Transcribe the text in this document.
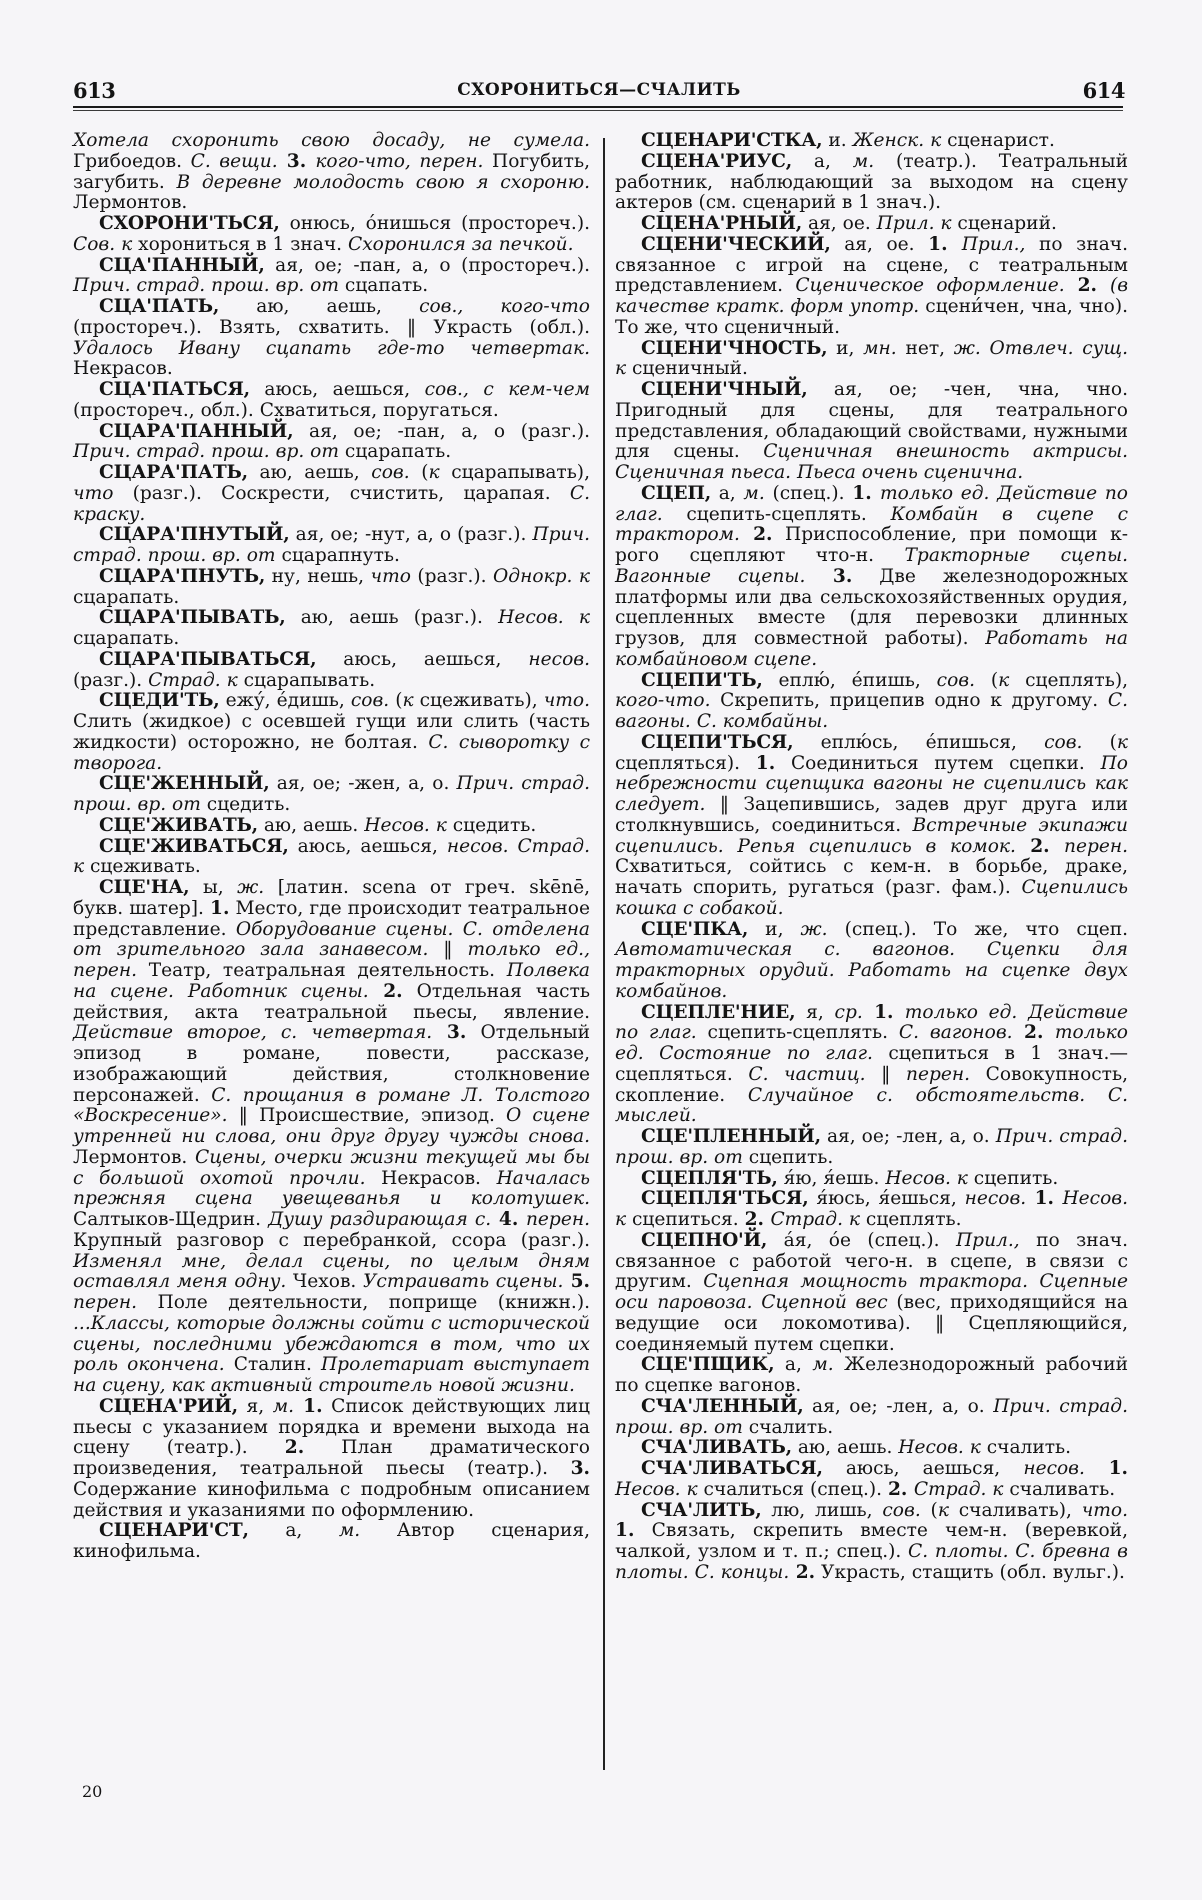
613	СХОРОНИТЬСЯ—СЧАЛИТЬ	614

Хотела схоронить свою досаду, не сумела. Грибоедов. С. вещи. 3. кого-что, перен. Погубить, загубить. В деревне молодость свою я схороню. Лермонтов.

СХОРОНИ'ТЬСЯ, онюсь, óнишься (простореч.). Сов. к хорониться в 1 знач. Схоронился за печкой.

СЦА'ПАННЫЙ, ая, ое; -пан, а, о (простореч.). Прич. страд. прош. вр. от сцапать.

СЦА'ПАТЬ, аю, аешь, сов., кого-что (простореч.). Взять, схватить. ‖ Украсть (обл.). Удалось Ивану сцапать где-то четвертак. Некрасов.

СЦА'ПАТЬСЯ, аюсь, аешься, сов., с кем-чем (простореч., обл.). Схватиться, поругаться.

СЦАРА'ПАННЫЙ, ая, ое; -пан, а, о (разг.). Прич. страд. прош. вр. от сцарапать.

СЦАРА'ПАТЬ, аю, аешь, сов. (к сцарапывать), что (разг.). Соскрести, счистить, царапая. С. краску.

СЦАРА'ПНУТЫЙ, ая, ое; -нут, а, о (разг.). Прич. страд. прош. вр. от сцарапнуть.

СЦАРА'ПНУТЬ, ну, нешь, что (разг.). Однокр. к сцарапать.

СЦАРА'ПЫВАТЬ, аю, аешь (разг.). Несов. к сцарапать.

СЦАРА'ПЫВАТЬСЯ, аюсь, аешься, несов. (разг.). Страд. к сцарапывать.

СЦЕДИ'ТЬ, ежу́, е́дишь, сов. (к сцеживать), что. Слить (жидкое) с осевшей гущи или слить (часть жидкости) осторожно, не болтая. С. сыворотку с творога.

СЦЕ'ЖЕННЫЙ, ая, ое; -жен, а, о. Прич. страд. прош. вр. от сцедить.

СЦЕ'ЖИВАТЬ, аю, аешь. Несов. к сцедить.

СЦЕ'ЖИВАТЬСЯ, аюсь, аешься, несов. Страд. к сцеживать.

СЦЕ'НА, ы, ж. [латин. scena от греч. skēnē, букв. шатер]. 1. Место, где происходит театральное представление. Оборудование сцены. С. отделена от зрительного зала занавесом. ‖ только ед., перен. Театр, театральная деятельность. Полвека на сцене. Работник сцены. 2. Отдельная часть действия, акта театральной пьесы, явление. Действие второе, с. четвертая. 3. Отдельный эпизод в романе, повести, рассказе, изображающий действия, столкновение персонажей. С. прощания в романе Л. Толстого «Воскресение». ‖ Происшествие, эпизод. О сцене утренней ни слова, они друг другу чужды снова. Лермонтов. Сцены, очерки жизни текущей мы бы с большой охотой прочли. Некрасов. Началась прежняя сцена увещеванья и колотушек. Салтыков-Щедрин. Душу раздирающая с. 4. перен. Крупный разговор с перебранкой, ссора (разг.). Изменял мне, делал сцены, по целым дням оставлял меня одну. Чехов. Устраивать сцены. 5. перен. Поле деятельности, поприще (книжн.). ...Классы, которые должны сойти с исторической сцены, последними убеждаются в том, что их роль окончена. Сталин. Пролетариат выступает на сцену, как активный строитель новой жизни.

СЦЕНА'РИЙ, я, м. 1. Список действующих лиц пьесы с указанием порядка и времени выхода на сцену (театр.). 2. План драматического произведения, театральной пьесы (театр.). 3. Содержание кинофильма с подробным описанием действия и указаниями по оформлению.

СЦЕНАРИ'СТ, а, м. Автор сценария, кинофильма.

СЦЕНАРИ'СТКА, и. Женск. к сценарист.

СЦЕНА'РИУС, а, м. (театр.). Театральный работник, наблюдающий за выходом на сцену актеров (см. сценарий в 1 знач.).

СЦЕНА'РНЫЙ, ая, ое. Прил. к сценарий.

СЦЕНИ'ЧЕСКИЙ, ая, ое. 1. Прил., по знач. связанное с игрой на сцене, с театральным представлением. Сценическое оформление. 2. (в качестве кратк. форм употр. сцени́чен, чна, чно). То же, что сценичный.

СЦЕНИ'ЧНОСТЬ, и, мн. нет, ж. Отвлеч. сущ. к сценичный.

СЦЕНИ'ЧНЫЙ, ая, ое; -чен, чна, чно. Пригодный для сцены, для театрального представления, обладающий свойствами, нужными для сцены. Сценичная внешность актрисы. Сценичная пьеса. Пьеса очень сценична.

СЦЕП, а, м. (спец.). 1. только ед. Действие по глаг. сцепить-сцеплять. Комбайн в сцепе с трактором. 2. Приспособление, при помощи к-рого сцепляют что-н. Тракторные сцепы. Вагонные сцепы. 3. Две железнодорожных платформы или два сельскохозяйственных орудия, сцепленных вместе (для перевозки длинных грузов, для совместной работы). Работать на комбайновом сцепе.

СЦЕПИ'ТЬ, еплю́, е́пишь, сов. (к сцеплять), кого-что. Скрепить, прицепив одно к другому. С. вагоны. С. комбайны.

СЦЕПИ'ТЬСЯ, еплю́сь, е́пишься, сов. (к сцепляться). 1. Соединиться путем сцепки. По небрежности сцепщика вагоны не сцепились как следует. ‖ Зацепившись, задев друг друга или столкнувшись, соединиться. Встречные экипажи сцепились. Репья сцепились в комок. 2. перен. Схватиться, сойтись с кем-н. в борьбе, драке, начать спорить, ругаться (разг. фам.). Сцепились кошка с собакой.

СЦЕ'ПКА, и, ж. (спец.). То же, что сцеп. Автоматическая с. вагонов. Сцепки для тракторных орудий. Работать на сцепке двух комбайнов.

СЦЕПЛЕ'НИЕ, я, ср. 1. только ед. Действие по глаг. сцепить-сцеплять. С. вагонов. 2. только ед. Состояние по глаг. сцепиться в 1 знач.—сцепляться. С. частиц. ‖ перен. Совокупность, скопление. Случайное с. обстоятельств. С. мыслей.

СЦЕ'ПЛЕННЫЙ, ая, ое; -лен, а, о. Прич. страд. прош. вр. от сцепить.

СЦЕПЛЯ'ТЬ, я́ю, я́ешь. Несов. к сцепить.

СЦЕПЛЯ'ТЬСЯ, я́юсь, я́ешься, несов. 1. Несов. к сцепиться. 2. Страд. к сцеплять.

СЦЕПНО'Й, а́я, о́е (спец.). Прил., по знач. связанное с работой чего-н. в сцепе, в связи с другим. Сцепная мощность трактора. Сцепные оси паровоза. Сцепной вес (вес, приходящийся на ведущие оси локомотива). ‖ Сцепляющийся, соединяемый путем сцепки.

СЦЕ'ПЩИК, а, м. Железнодорожный рабочий по сцепке вагонов.

СЧА'ЛЕННЫЙ, ая, ое; -лен, а, о. Прич. страд. прош. вр. от счалить.

СЧА'ЛИВАТЬ, аю, аешь. Несов. к счалить.

СЧА'ЛИВАТЬСЯ, аюсь, аешься, несов. 1. Несов. к счалиться (спец.). 2. Страд. к счаливать.

СЧА'ЛИТЬ, лю, лишь, сов. (к счаливать), что. 1. Связать, скрепить вместе чем-н. (веревкой, чалкой, узлом и т. п.; спец.). С. плоты. С. бревна в плоты. С. концы. 2. Украсть, стащить (обл. вульг.).

20
